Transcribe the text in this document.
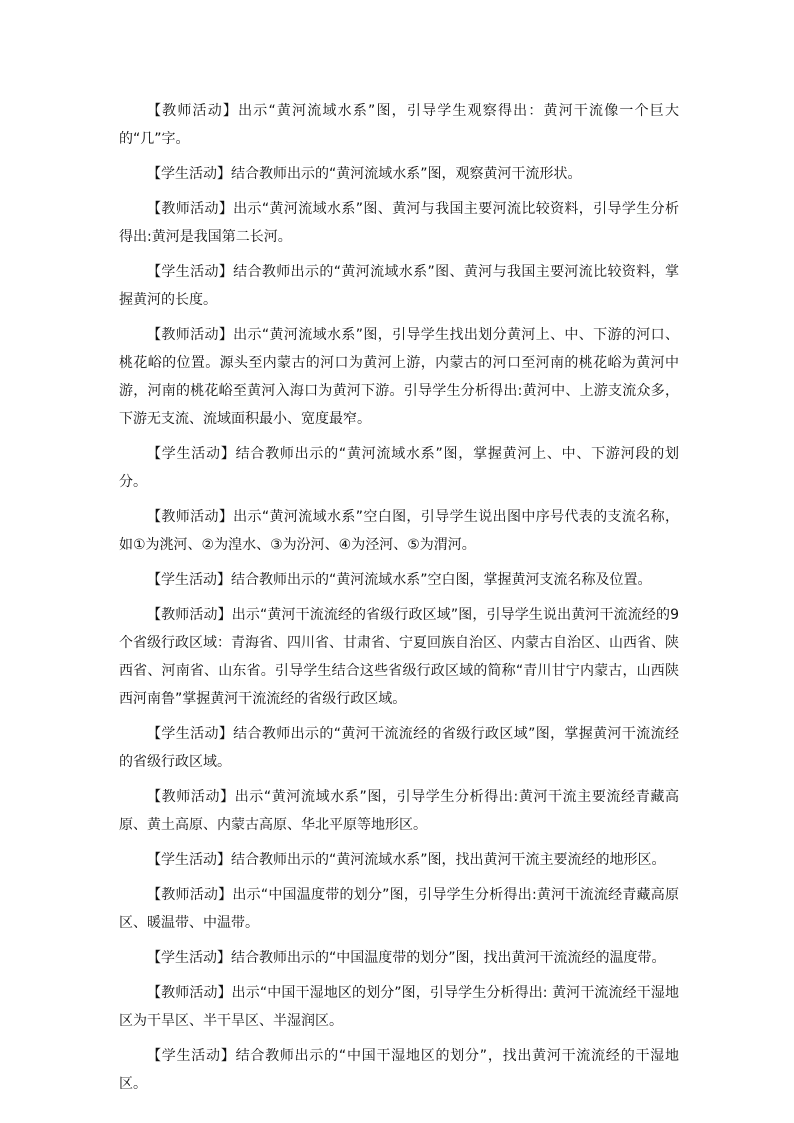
【教师活动】出示“黄河流域水系”图，引导学生观察得出：黄河干流像一个巨大的“几”字。

【学生活动】结合教师出示的“黄河流域水系”图，观察黄河干流形状。

【教师活动】出示“黄河流域水系”图、黄河与我国主要河流比较资料，引导学生分析得出:黄河是我国第二长河。

【学生活动】结合教师出示的“黄河流域水系”图、黄河与我国主要河流比较资料，掌握黄河的长度。

【教师活动】出示“黄河流域水系”图，引导学生找出划分黄河上、中、下游的河口、桃花峪的位置。源头至内蒙古的河口为黄河上游，内蒙古的河口至河南的桃花峪为黄河中游，河南的桃花峪至黄河入海口为黄河下游。引导学生分析得出:黄河中、上游支流众多，下游无支流、流域面积最小、宽度最窄。

【学生活动】结合教师出示的“黄河流域水系”图，掌握黄河上、中、下游河段的划分。

【教师活动】出示“黄河流域水系”空白图，引导学生说出图中序号代表的支流名称，如①为洮河、②为湟水、③为汾河、④为泾河、⑤为渭河。

【学生活动】结合教师出示的“黄河流域水系”空白图，掌握黄河支流名称及位置。

【教师活动】出示“黄河干流流经的省级行政区域”图，引导学生说出黄河干流流经的9个省级行政区域：青海省、四川省、甘肃省、宁夏回族自治区、内蒙古自治区、山西省、陕西省、河南省、山东省。引导学生结合这些省级行政区域的简称“青川甘宁内蒙古，山西陕西河南鲁”掌握黄河干流流经的省级行政区域。

【学生活动】结合教师出示的“黄河干流流经的省级行政区域”图，掌握黄河干流流经的省级行政区域。

【教师活动】出示“黄河流域水系”图，引导学生分析得出:黄河干流主要流经青藏高原、黄土高原、内蒙古高原、华北平原等地形区。

【学生活动】结合教师出示的“黄河流域水系”图，找出黄河干流主要流经的地形区。

【教师活动】出示“中国温度带的划分”图，引导学生分析得出:黄河干流流经青藏高原区、暖温带、中温带。

【学生活动】结合教师出示的“中国温度带的划分”图，找出黄河干流流经的温度带。

【教师活动】出示“中国干湿地区的划分”图，引导学生分析得出: 黄河干流流经干湿地区为干旱区、半干旱区、半湿润区。

【学生活动】结合教师出示的“中国干湿地区的划分”，找出黄河干流流经的干湿地区。
